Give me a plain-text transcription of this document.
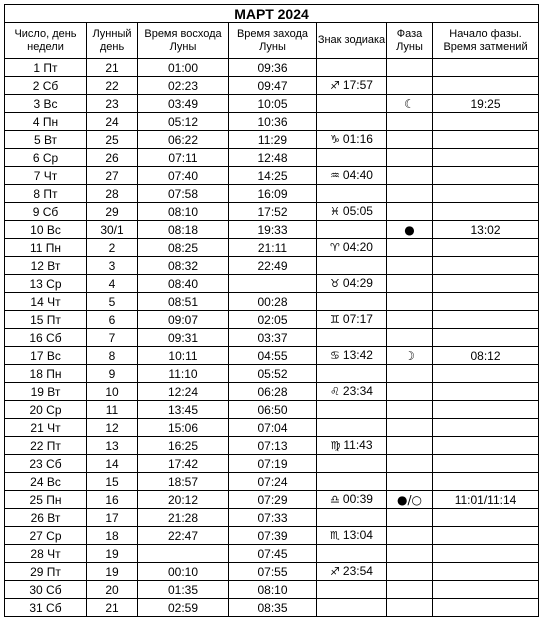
МАРТ 2024						
Число, день недели	Лунный день	Время восхода Луны	Время захода Луны	Знак зодиака	Фаза Луны	Начало фазы. Время затмений
1 Пт	21	01:00	09:36			
2 Сб	22	02:23	09:47	♐ 17:57		
3 Вс	23	03:49	10:05		☾	19:25
4 Пн	24	05:12	10:36			
5 Вт	25	06:22	11:29	♑ 01:16		
6 Ср	26	07:11	12:48			
7 Чт	27	07:40	14:25	♒ 04:40		
8 Пт	28	07:58	16:09			
9 Сб	29	08:10	17:52	♓ 05:05		
10 Вс	30/1	08:18	19:33		●	13:02
11 Пн	2	08:25	21:11	♈ 04:20		
12 Вт	3	08:32	22:49			
13 Ср	4	08:40		♉ 04:29		
14 Чт	5	08:51	00:28			
15 Пт	6	09:07	02:05	♊ 07:17		
16 Сб	7	09:31	03:37			
17 Вс	8	10:11	04:55	♋ 13:42	☽	08:12
18 Пн	9	11:10	05:52			
19 Вт	10	12:24	06:28	♌ 23:34		
20 Ср	11	13:45	06:50			
21 Чт	12	15:06	07:04			
22 Пт	13	16:25	07:13	♍ 11:43		
23 Сб	14	17:42	07:19			
24 Вс	15	18:57	07:24			
25 Пн	16	20:12	07:29	♎ 00:39	●/○	11:01/11:14
26 Вт	17	21:28	07:33			
27 Ср	18	22:47	07:39	♏ 13:04		
28 Чт	19		07:45			
29 Пт	19	00:10	07:55	♐ 23:54		
30 Сб	20	01:35	08:10			
31 Сб	21	02:59	08:35			
